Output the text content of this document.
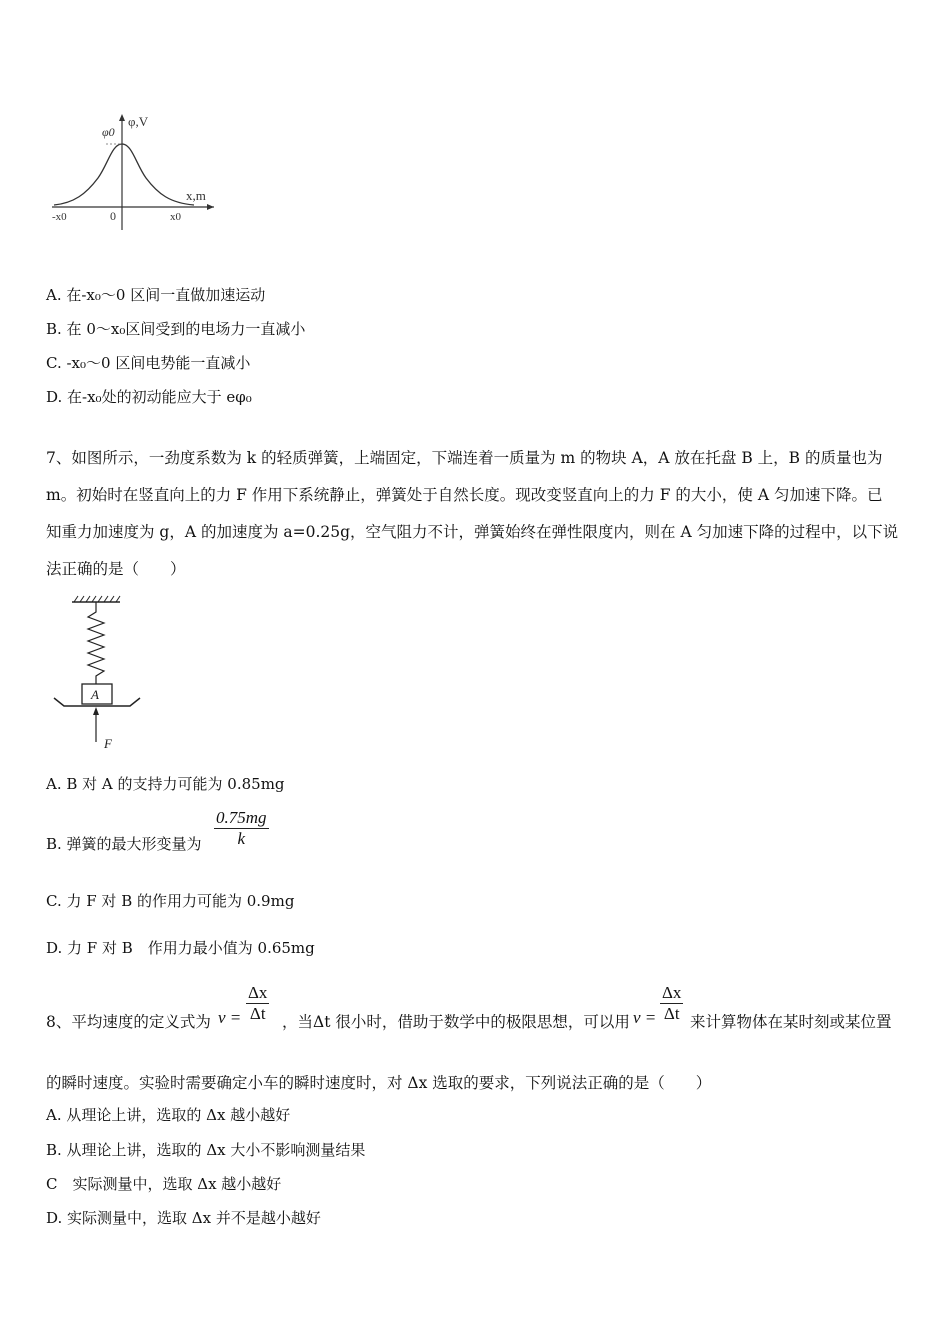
φ,V
φ0
x,m
-x0	0	x0
A. 在-x₀～0 区间一直做加速运动
B. 在 0～x₀区间受到的电场力一直减小
C. -x₀～0 区间电势能一直减小
D. 在-x₀处的初动能应大于 eφ₀
7、如图所示，一劲度系数为 k 的轻质弹簧，上端固定，下端连着一质量为 m 的物块 A，A 放在托盘 B 上，B 的质量也为
m。初始时在竖直向上的力 F 作用下系统静止，弹簧处于自然长度。现改变竖直向上的力 F 的大小，使 A 匀加速下降。已
知重力加速度为 g，A 的加速度为 a=0.25g，空气阻力不计，弹簧始终在弹性限度内，则在 A 匀加速下降的过程中，以下说
法正确的是（　　）
A
F
A. B 对 A 的支持力可能为 0.85mg
B. 弹簧的最大形变量为
0.75mg
k
C. 力 F 对 B 的作用力可能为 0.9mg
D. 力 F 对 B　作用力最小值为 0.65mg
8、平均速度的定义式为 v =
Δx
Δt ，当Δt 很小时，借助于数学中的极限思想，可以用 v =
Δx
Δt 来计算物体在某时刻或某位置
的瞬时速度。实验时需要确定小车的瞬时速度时，对 Δx 选取的要求，下列说法正确的是（　　）
A. 从理论上讲，选取的 Δx 越小越好
B. 从理论上讲，选取的 Δx 大小不影响测量结果
C　实际测量中，选取 Δx 越小越好
D. 实际测量中，选取 Δx 并不是越小越好
